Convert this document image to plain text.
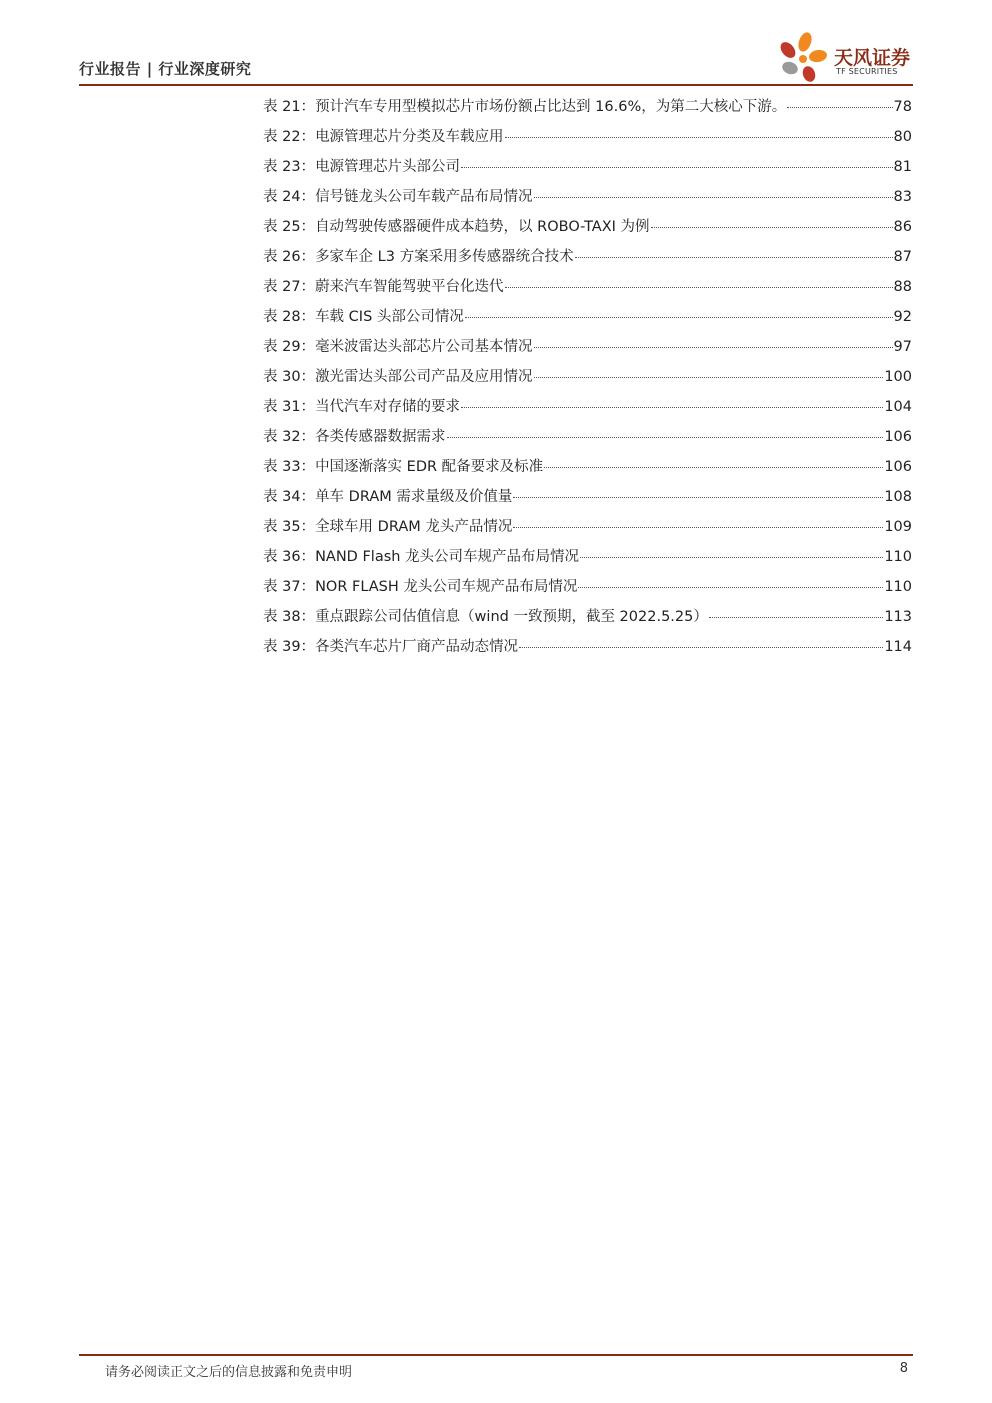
行业报告 | 行业深度研究	天风证券
TF SECURITIES
表 21：预计汽车专用型模拟芯片市场份额占比达到 16.6%，为第二大核心下游。	78
表 22：电源管理芯片分类及车载应用	80
表 23：电源管理芯片头部公司	81
表 24：信号链龙头公司车载产品布局情况	83
表 25：自动驾驶传感器硬件成本趋势，以 ROBO-TAXI 为例	86
表 26：多家车企 L3 方案采用多传感器统合技术	87
表 27：蔚来汽车智能驾驶平台化迭代	88
表 28：车载 CIS 头部公司情况	92
表 29：毫米波雷达头部芯片公司基本情况	97
表 30：激光雷达头部公司产品及应用情况	100
表 31：当代汽车对存储的要求	104
表 32：各类传感器数据需求	106
表 33：中国逐渐落实 EDR 配备要求及标准	106
表 34：单车 DRAM 需求量级及价值量	108
表 35：全球车用 DRAM 龙头产品情况	109
表 36：NAND Flash 龙头公司车规产品布局情况	110
表 37：NOR FLASH 龙头公司车规产品布局情况	110
表 38：重点跟踪公司估值信息（wind 一致预期，截至 2022.5.25）	113
表 39：各类汽车芯片厂商产品动态情况	114
请务必阅读正文之后的信息披露和免责申明	8
